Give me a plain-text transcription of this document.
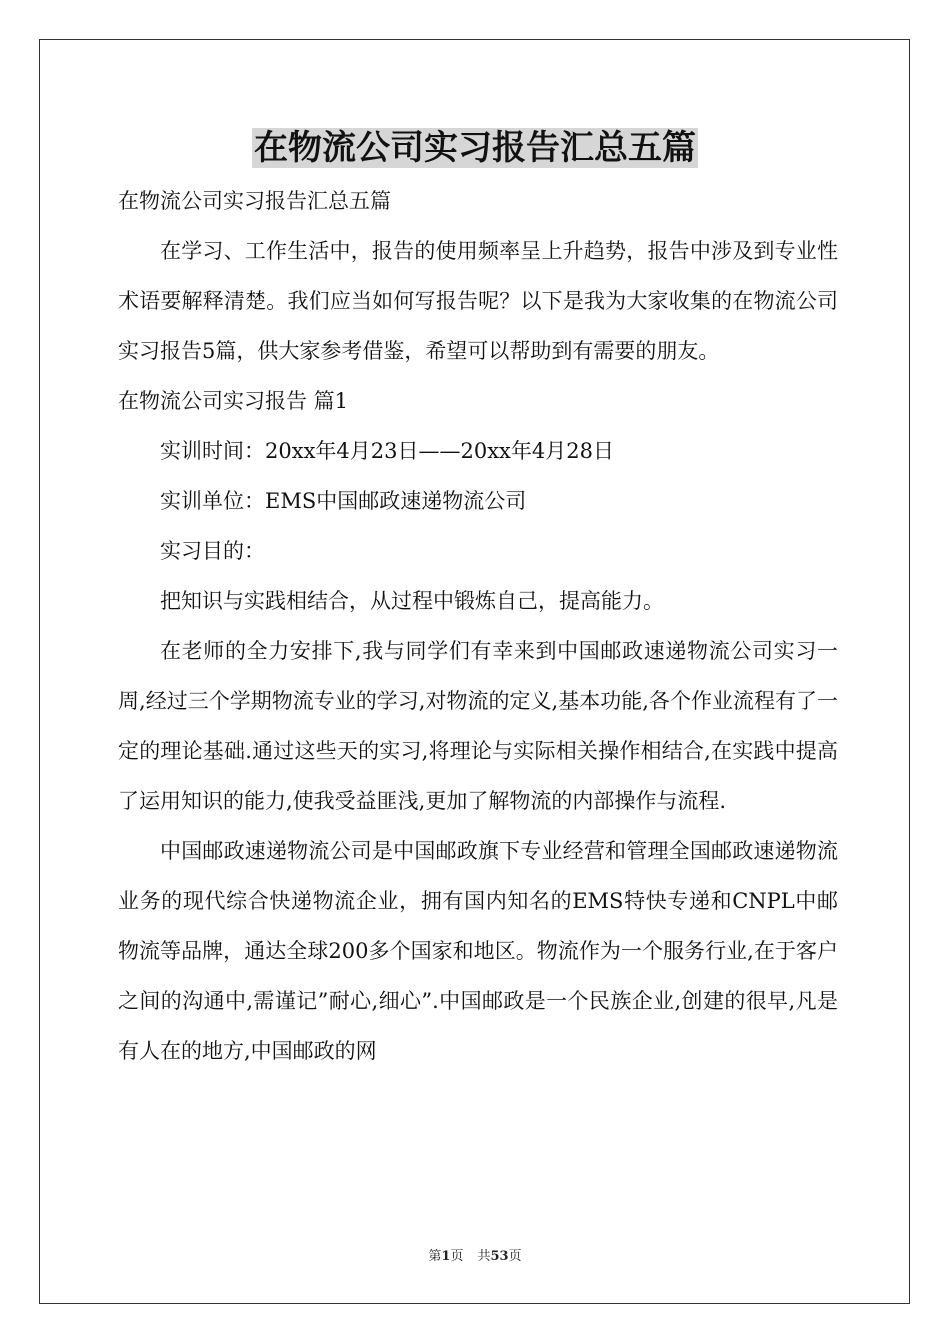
在物流公司实习报告汇总五篇

在物流公司实习报告汇总五篇

在学习、工作生活中，报告的使用频率呈上升趋势，报告中涉及到专业性术语要解释清楚。我们应当如何写报告呢？以下是我为大家收集的在物流公司实习报告5篇，供大家参考借鉴，希望可以帮助到有需要的朋友。

在物流公司实习报告 篇1

实训时间：20xx年4月23日——20xx年4月28日

实训单位：EMS中国邮政速递物流公司

实习目的：

把知识与实践相结合，从过程中锻炼自己，提高能力。

在老师的全力安排下,我与同学们有幸来到中国邮政速递物流公司实习一周,经过三个学期物流专业的学习,对物流的定义,基本功能,各个作业流程有了一定的理论基础.通过这些天的实习,将理论与实际相关操作相结合,在实践中提高了运用知识的能力,使我受益匪浅,更加了解物流的内部操作与流程.

中国邮政速递物流公司是中国邮政旗下专业经营和管理全国邮政速递物流业务的现代综合快递物流企业，拥有国内知名的EMS特快专递和CNPL中邮物流等品牌，通达全球200多个国家和地区。物流作为一个服务行业,在于客户之间的沟通中,需谨记”耐心,细心”.中国邮政是一个民族企业,创建的很早,凡是有人在的地方,中国邮政的网

第1页 共53页
